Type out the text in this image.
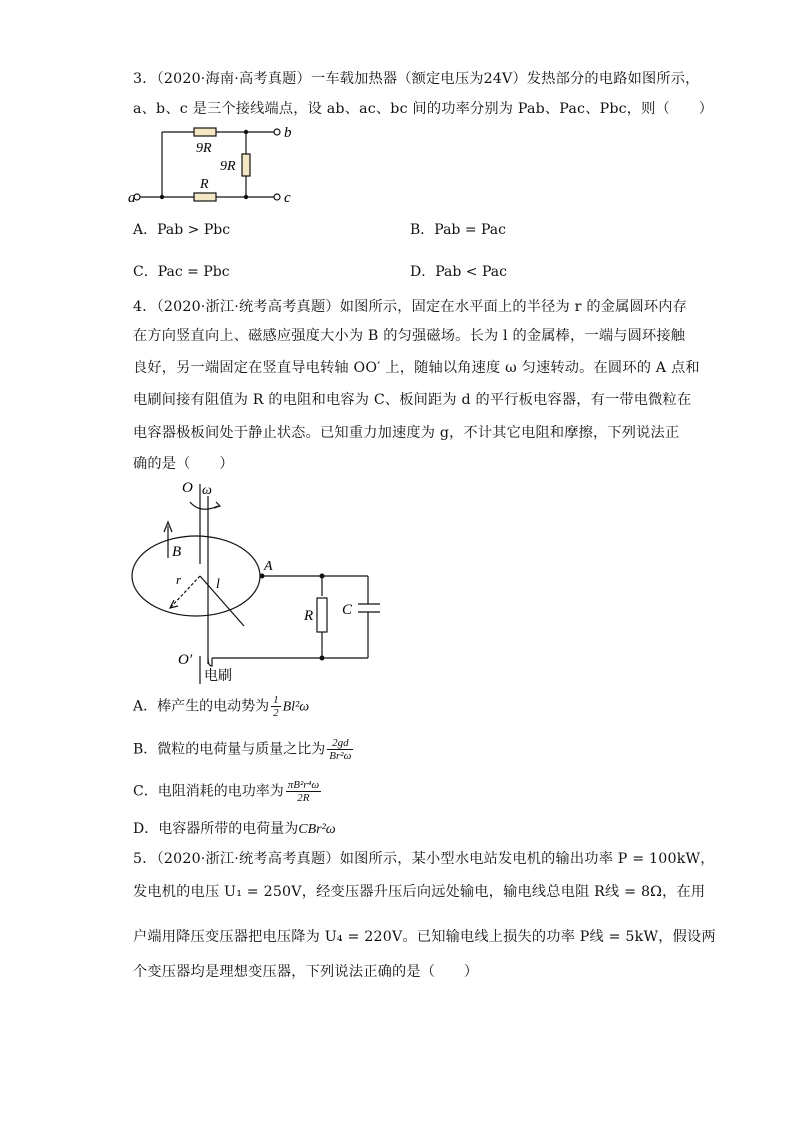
3．（2020·海南·高考真题）一车载加热器（额定电压为24V）发热部分的电路如图所示，
a、b、c 是三个接线端点，设 ab、ac、bc 间的功率分别为 Pab、Pac、Pbc，则（　　）
9R
9R
R
a
b
c
A．Pab > Pbc	B．Pab = Pac
C．Pac = Pbc	D．Pab < Pac
4．（2020·浙江·统考高考真题）如图所示，固定在水平面上的半径为 r 的金属圆环内存
在方向竖直向上、磁感应强度大小为 B 的匀强磁场。长为 l 的金属棒，一端与圆环接触
良好，另一端固定在竖直导电转轴 OO′ 上，随轴以角速度 ω 匀速转动。在圆环的 A 点和
电刷间接有阻值为 R 的电阻和电容为 C、板间距为 d 的平行板电容器，有一带电微粒在
电容器极板间处于静止状态。已知重力加速度为 g，不计其它电阻和摩擦，下列说法正
确的是（　　）
O ω
B
r l
A
R C
O′
电刷
A．棒产生的电动势为 $\frac{1}{2} Bl^2\omega$
B．微粒的电荷量与质量之比为 $\frac{2gd}{\text{Br²ω}}$
C．电阻消耗的电功率为 $\frac{\text{πB²r⁴ω}}{2R}$
D．电容器所带的电荷量为CBr²ω
5．（2020·浙江·统考高考真题）如图所示，某小型水电站发电机的输出功率 P = 100kW，
发电机的电压 U₁ = 250V，经变压器升压后向远处输电，输电线总电阻 R线 = 8Ω，在用
户端用降压变压器把电压降为 U₄ = 220V。已知输电线上损失的功率 P线 = 5kW，假设两
个变压器均是理想变压器，下列说法正确的是（　　）
